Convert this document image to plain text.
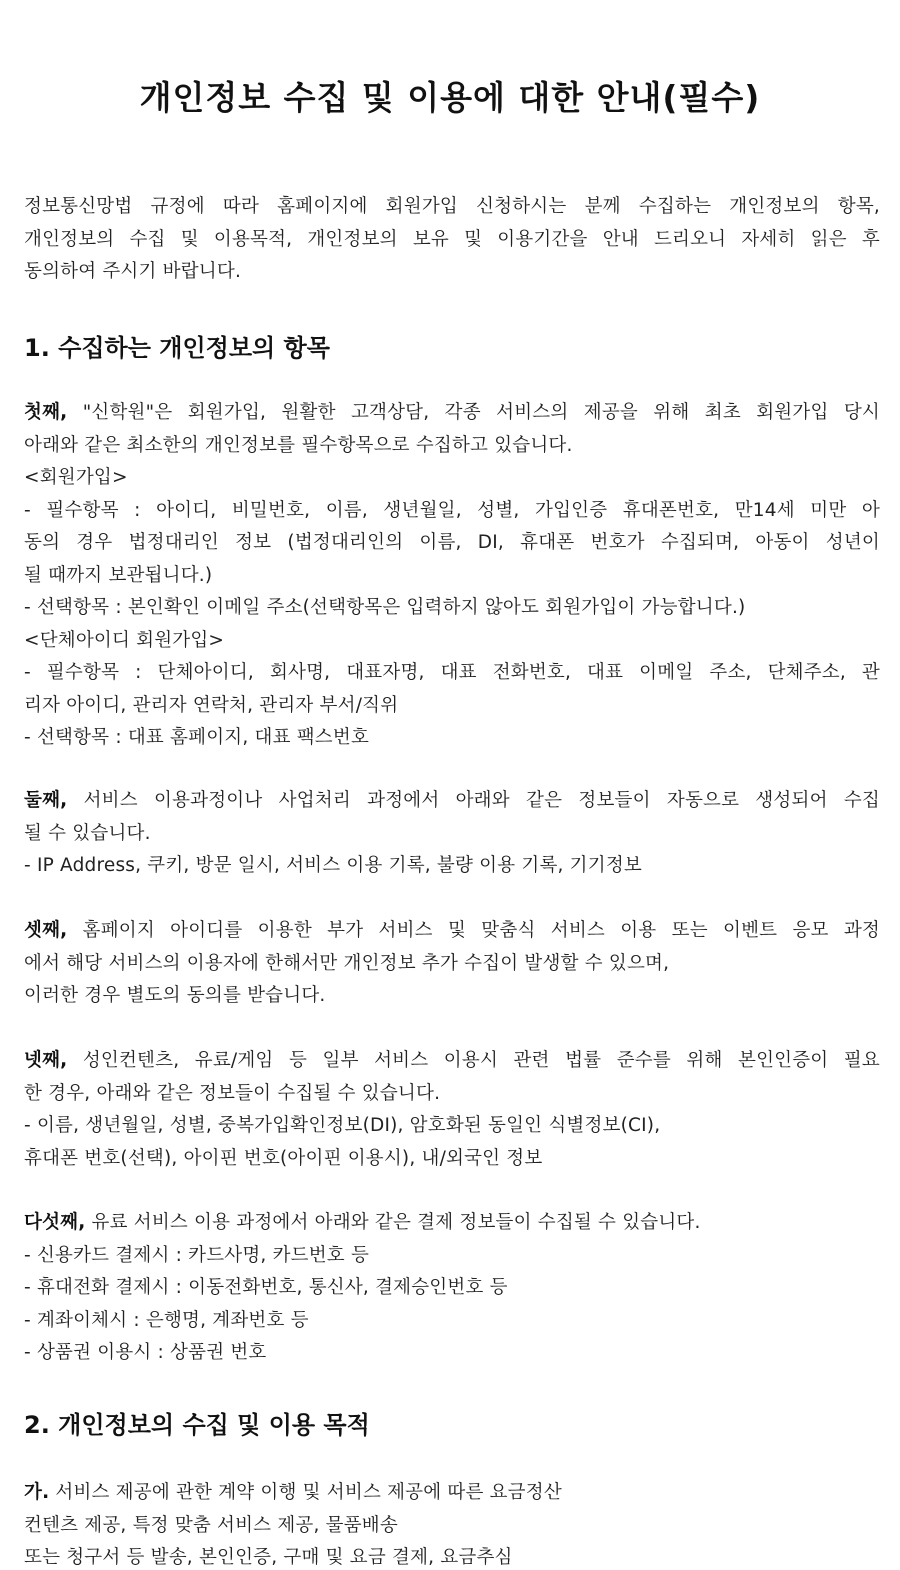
개인정보 수집 및 이용에 대한 안내(필수)
정보통신망법 규정에 따라 홈페이지에 회원가입 신청하시는 분께 수집하는 개인정보의 항목,
개인정보의 수집 및 이용목적, 개인정보의 보유 및 이용기간을 안내 드리오니 자세히 읽은 후
동의하여 주시기 바랍니다.
1. 수집하는 개인정보의 항목
첫째, "신학원"은 회원가입, 원활한 고객상담, 각종 서비스의 제공을 위해 최초 회원가입 당시
아래와 같은 최소한의 개인정보를 필수항목으로 수집하고 있습니다.
<회원가입>
- 필수항목 : 아이디, 비밀번호, 이름, 생년월일, 성별, 가입인증 휴대폰번호, 만14세 미만 아
동의 경우 법정대리인 정보 (법정대리인의 이름, DI, 휴대폰 번호가 수집되며, 아동이 성년이
될 때까지 보관됩니다.)
- 선택항목 : 본인확인 이메일 주소(선택항목은 입력하지 않아도 회원가입이 가능합니다.)
<단체아이디 회원가입>
- 필수항목 : 단체아이디, 회사명, 대표자명, 대표 전화번호, 대표 이메일 주소, 단체주소, 관
리자 아이디, 관리자 연락처, 관리자 부서/직위
- 선택항목 : 대표 홈페이지, 대표 팩스번호
둘째, 서비스 이용과정이나 사업처리 과정에서 아래와 같은 정보들이 자동으로 생성되어 수집
될 수 있습니다.
- IP Address, 쿠키, 방문 일시, 서비스 이용 기록, 불량 이용 기록, 기기정보
셋째, 홈페이지 아이디를 이용한 부가 서비스 및 맞춤식 서비스 이용 또는 이벤트 응모 과정
에서 해당 서비스의 이용자에 한해서만 개인정보 추가 수집이 발생할 수 있으며,
이러한 경우 별도의 동의를 받습니다.
넷째, 성인컨텐츠, 유료/게임 등 일부 서비스 이용시 관련 법률 준수를 위해 본인인증이 필요
한 경우, 아래와 같은 정보들이 수집될 수 있습니다.
- 이름, 생년월일, 성별, 중복가입확인정보(DI), 암호화된 동일인 식별정보(CI),
휴대폰 번호(선택), 아이핀 번호(아이핀 이용시), 내/외국인 정보
다섯째, 유료 서비스 이용 과정에서 아래와 같은 결제 정보들이 수집될 수 있습니다.
- 신용카드 결제시 : 카드사명, 카드번호 등
- 휴대전화 결제시 : 이동전화번호, 통신사, 결제승인번호 등
- 계좌이체시 : 은행명, 계좌번호 등
- 상품권 이용시 : 상품권 번호
2. 개인정보의 수집 및 이용 목적
가. 서비스 제공에 관한 계약 이행 및 서비스 제공에 따른 요금정산
컨텐츠 제공, 특정 맞춤 서비스 제공, 물품배송
또는 청구서 등 발송, 본인인증, 구매 및 요금 결제, 요금추심
